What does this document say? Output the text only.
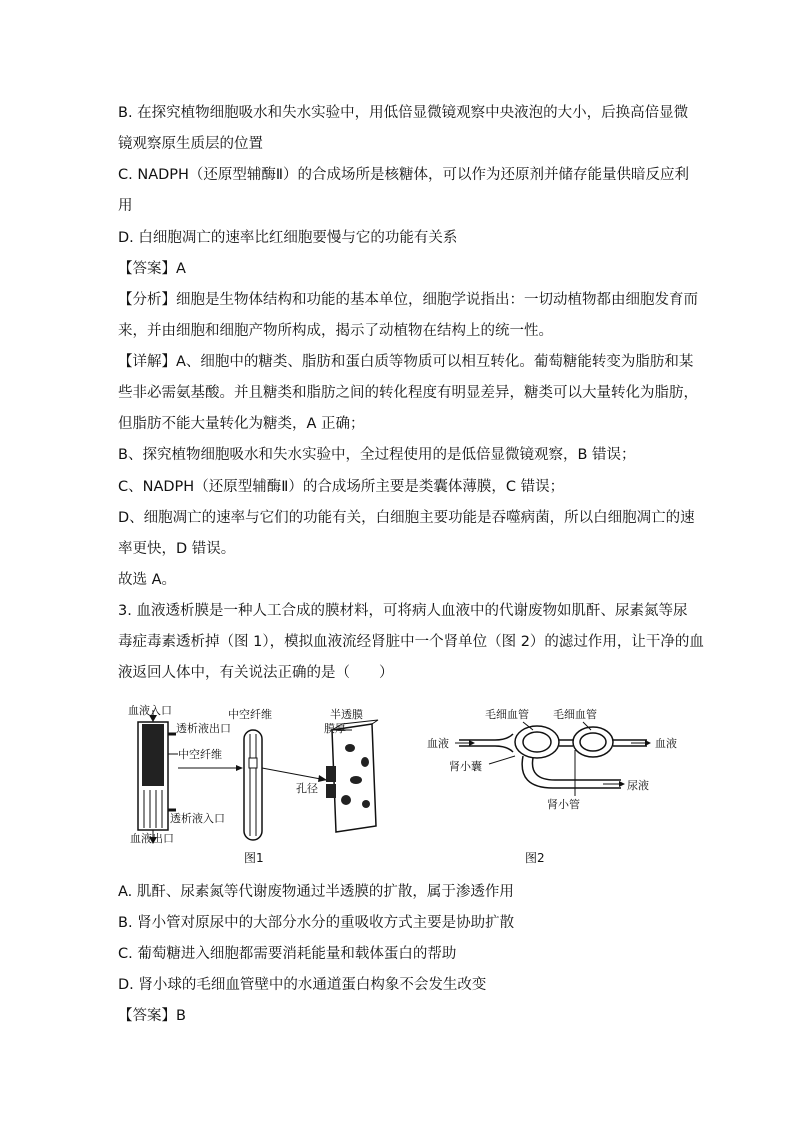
B. 在探究植物细胞吸水和失水实验中，用低倍显微镜观察中央液泡的大小，后换高倍显微
镜观察原生质层的位置
C. NADPH（还原型辅酶Ⅱ）的合成场所是核糖体，可以作为还原剂并储存能量供暗反应利
用
D. 白细胞凋亡的速率比红细胞要慢与它的功能有关系
【答案】A
【分析】细胞是生物体结构和功能的基本单位，细胞学说指出：一切动植物都由细胞发育而
来，并由细胞和细胞产物所构成，揭示了动植物在结构上的统一性。
【详解】A、细胞中的糖类、脂肪和蛋白质等物质可以相互转化。葡萄糖能转变为脂肪和某
些非必需氨基酸。并且糖类和脂肪之间的转化程度有明显差异，糖类可以大量转化为脂肪，
但脂肪不能大量转化为糖类，A 正确；
B、探究植物细胞吸水和失水实验中，全过程使用的是低倍显微镜观察，B 错误；
C、NADPH（还原型辅酶Ⅱ）的合成场所主要是类囊体薄膜，C 错误；
D、细胞凋亡的速率与它们的功能有关，白细胞主要功能是吞噬病菌，所以白细胞凋亡的速
率更快，D 错误。
故选 A。
3. 血液透析膜是一种人工合成的膜材料，可将病人血液中的代谢废物如肌酐、尿素氮等尿
毒症毒素透析掉（图 1），模拟血液流经肾脏中一个肾单位（图 2）的滤过作用，让干净的血
液返回人体中，有关说法正确的是（　　）
血液入口
透析液出口
中空纤维
中空纤维	半透膜
膜厚
孔径
透析液入口
血液出口
图1
毛细血管 毛细血管
血液	血液
肾小囊
尿液
肾小管
图2
A. 肌酐、尿素氮等代谢废物通过半透膜的扩散，属于渗透作用
B. 肾小管对原尿中的大部分水分的重吸收方式主要是协助扩散
C. 葡萄糖进入细胞都需要消耗能量和载体蛋白的帮助
D. 肾小球的毛细血管壁中的水通道蛋白构象不会发生改变
【答案】B
